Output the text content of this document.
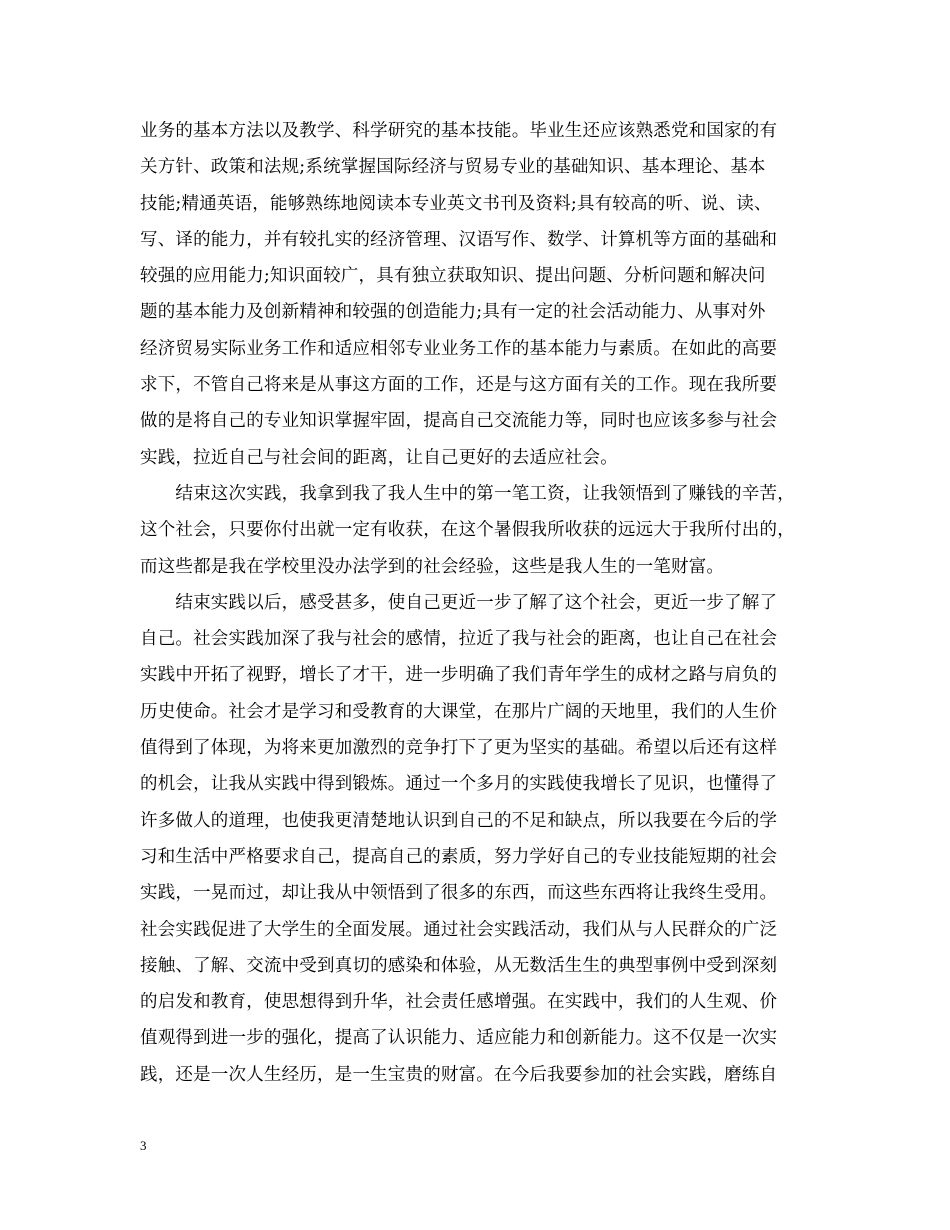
业务的基本方法以及教学、科学研究的基本技能。毕业生还应该熟悉党和国家的有
关方针、政策和法规;系统掌握国际经济与贸易专业的基础知识、基本理论、基本
技能;精通英语，能够熟练地阅读本专业英文书刊及资料;具有较高的听、说、读、
写、译的能力，并有较扎实的经济管理、汉语写作、数学、计算机等方面的基础和
较强的应用能力;知识面较广，具有独立获取知识、提出问题、分析问题和解决问
题的基本能力及创新精神和较强的创造能力;具有一定的社会活动能力、从事对外
经济贸易实际业务工作和适应相邻专业业务工作的基本能力与素质。在如此的高要
求下，不管自己将来是从事这方面的工作，还是与这方面有关的工作。现在我所要
做的是将自己的专业知识掌握牢固，提高自己交流能力等，同时也应该多参与社会
实践，拉近自己与社会间的距离，让自己更好的去适应社会。
　　结束这次实践，我拿到我了我人生中的第一笔工资，让我领悟到了赚钱的辛苦，
这个社会，只要你付出就一定有收获，在这个暑假我所收获的远远大于我所付出的，
而这些都是我在学校里没办法学到的社会经验，这些是我人生的一笔财富。
　　结束实践以后，感受甚多，使自己更近一步了解了这个社会，更近一步了解了
自己。社会实践加深了我与社会的感情，拉近了我与社会的距离，也让自己在社会
实践中开拓了视野，增长了才干，进一步明确了我们青年学生的成材之路与肩负的
历史使命。社会才是学习和受教育的大课堂，在那片广阔的天地里，我们的人生价
值得到了体现，为将来更加激烈的竞争打下了更为坚实的基础。希望以后还有这样
的机会，让我从实践中得到锻炼。通过一个多月的实践使我增长了见识，也懂得了
许多做人的道理，也使我更清楚地认识到自己的不足和缺点，所以我要在今后的学
习和生活中严格要求自己，提高自己的素质，努力学好自己的专业技能短期的社会
实践，一晃而过，却让我从中领悟到了很多的东西，而这些东西将让我终生受用。
社会实践促进了大学生的全面发展。通过社会实践活动，我们从与人民群众的广泛
接触、了解、交流中受到真切的感染和体验，从无数活生生的典型事例中受到深刻
的启发和教育，使思想得到升华，社会责任感增强。在实践中，我们的人生观、价
值观得到进一步的强化，提高了认识能力、适应能力和创新能力。这不仅是一次实
践，还是一次人生经历，是一生宝贵的财富。在今后我要参加的社会实践，磨练自
3
